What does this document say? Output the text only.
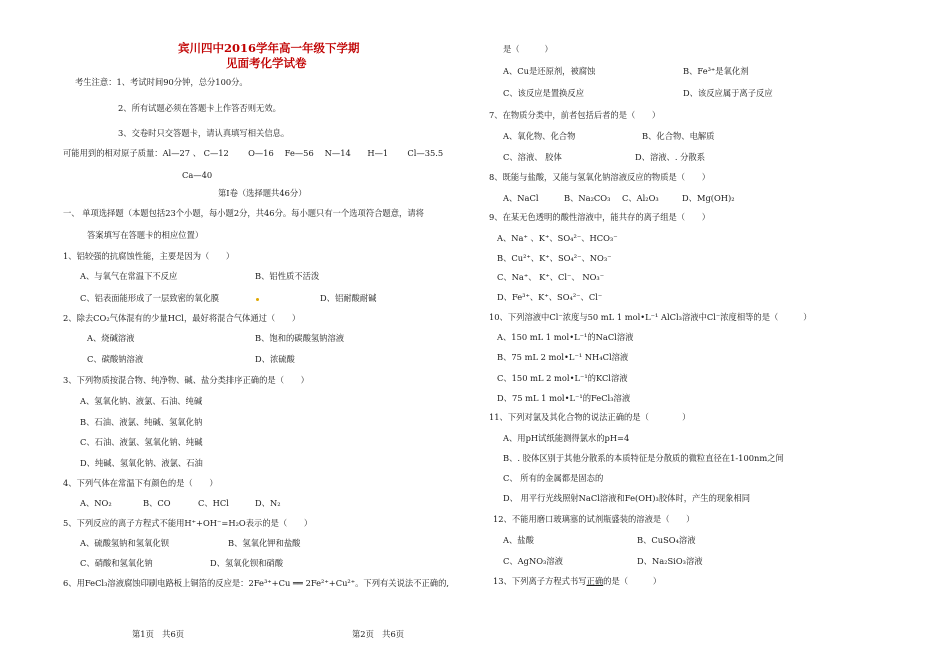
宾川四中2016学年高一年级下学期
见面考化学试卷
考生注意：1、考试时间90分钟，总分100分。
2、所有试题必须在答题卡上作答否则无效。
3、交卷时只交答题卡，请认真填写相关信息。
可能用到的相对原子质量：Al—27 、 C—12　　 O—16　 Fe—56　 N—14　　H—1　　 Cl—35.5
Ca—40
第Ⅰ卷（选择题共46分）
一、 单项选择题（本题包括23个小题，每小题2分，共46分。每小题只有一个选项符合题意，请将
答案填写在答题卡的相应位置）
1、铝较强的抗腐蚀性能，主要是因为（　　）
A、与氧气在常温下不反应	B、铝性质不活泼
C、铝表面能形成了一层致密的氧化膜	D、铝耐酸耐碱
2、除去CO₂气体混有的少量HCl，最好将混合气体通过（　　）
A、烧碱溶液	B、饱和的碳酸氢钠溶液
C、碳酸钠溶液	D、浓硫酸
3、下列物质按混合物、纯净物、碱、盐分类排序正确的是（　　）
A、氢氧化钠、液氯、石油、纯碱
B、石油、液氯、纯碱、氢氧化钠
C、石油、液氯、氢氧化钠、纯碱
D、纯碱、氢氧化钠、液氯、石油
4、下列气体在常温下有颜色的是（　　）
A、NO₂	B、CO	C、HCl	D、N₂
5、下列反应的离子方程式不能用H⁺+OH⁻=H₂O表示的是（　　）
A、硫酸氢钠和氢氧化钡	B、氢氧化钾和盐酸
C、硝酸和氢氧化钠	D、氢氧化钡和硝酸
6、用FeCl₃溶液腐蚀印刷电路板上铜箔的反应是：2Fe³⁺+Cu ══ 2Fe²⁺+Cu²⁺。下列有关说法不正确的,
第1页　共6页	第2页　共6页
是（　　　）
A、Cu是还原剂，被腐蚀	B、Fe³⁺是氧化剂
C、该反应是置换反应	D、该反应属于离子反应
7、在物质分类中，前者包括后者的是（　　）
A、氧化物、化合物	B、化合物、电解质
C、溶液、 胶体	D、溶液、. 分散系
8、既能与盐酸，又能与氢氧化钠溶液反应的物质是（　　）
A、NaCl	B、Na₂CO₃ C、Al₂O₃	D、Mg(OH)₂
9、在某无色透明的酸性溶液中，能共存的离子组是（　　）
A、Na⁺ 、K⁺、SO₄²⁻、HCO₃⁻
B、Cu²⁺、K⁺、SO₄²⁻、NO₃⁻
C、Na⁺、 K⁺、Cl⁻、 NO₃⁻
D、Fe³⁺、K⁺、SO₄²⁻、Cl⁻
10、下列溶液中Cl⁻浓度与50 mL 1 mol•L⁻¹ AlCl₃溶液中Cl⁻浓度相等的是（　　　）
A、150 mL 1 mol•L⁻¹的NaCl溶液
B、75 mL 2 mol•L⁻¹ NH₄Cl溶液
C、150 mL 2 mol•L⁻¹的KCl溶液
D、75 mL 1 mol•L⁻¹的FeCl₃溶液
11、下列对氯及其化合物的说法正确的是（　　　　）
A、用pH试纸能测得氯水的pH=4
B、. 胶体区别于其他分散系的本质特征是分散质的微粒直径在1-100nm之间
C、 所有的金属都是固态的
D、 用平行光线照射NaCl溶液和Fe(OH)₃胶体时，产生的现象相同
12、不能用磨口玻璃塞的试剂瓶盛装的溶液是（　　）
A、盐酸	B、CuSO₄溶液
C、AgNO₃溶液	D、Na₂SiO₃溶液
13、下列离子方程式书写正确的是（　　　）
